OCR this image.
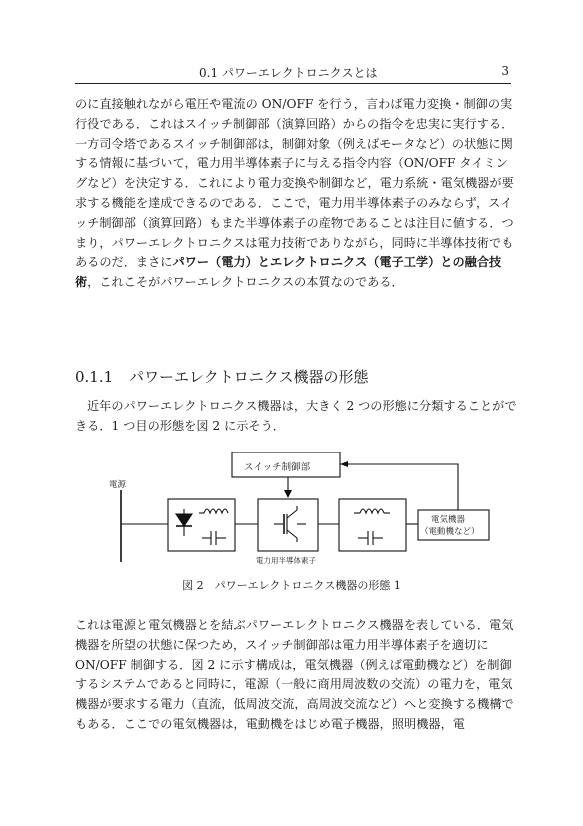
0.1 パワーエレクトロニクスとは	3

のに直接触れながら電圧や電流の ON/OFF を行う，言わば電力変換・制御の実行役である．これはスイッチ制御部（演算回路）からの指令を忠実に実行する．一方司令塔であるスイッチ制御部は，制御対象（例えばモータなど）の状態に関する情報に基づいて，電力用半導体素子に与える指令内容（ON/OFF タイミングなど）を決定する．これにより電力変換や制御など，電力系統・電気機器が要求する機能を達成できるのである．ここで，電力用半導体素子のみならず，スイッチ制御部（演算回路）もまた半導体素子の産物であることは注目に値する．つまり，パワーエレクトロニクスは電力技術でありながら，同時に半導体技術でもあるのだ．まさにパワー（電力）とエレクトロニクス（電子工学）との融合技術，これこそがパワーエレクトロニクスの本質なのである．

0.1.1 パワーエレクトロニクス機器の形態

近年のパワーエレクトロニクス機器は，大きく 2 つの形態に分類することができる．1 つ目の形態を図 2 に示そう．

スイッチ制御部
電源
電力用半導体素子
電気機器
（電動機など）
図 2　パワーエレクトロニクス機器の形態 1

これは電源と電気機器とを結ぶパワーエレクトロニクス機器を表している．電気機器を所望の状態に保つため，スイッチ制御部は電力用半導体素子を適切に ON/OFF 制御する．図 2 に示す構成は，電気機器（例えば電動機など）を制御するシステムであると同時に，電源（一般に商用周波数の交流）の電力を，電気機器が要求する電力（直流，低周波交流，高周波交流など）へと変換する機構でもある．ここでの電気機器は，電動機をはじめ電子機器，照明機器，電
